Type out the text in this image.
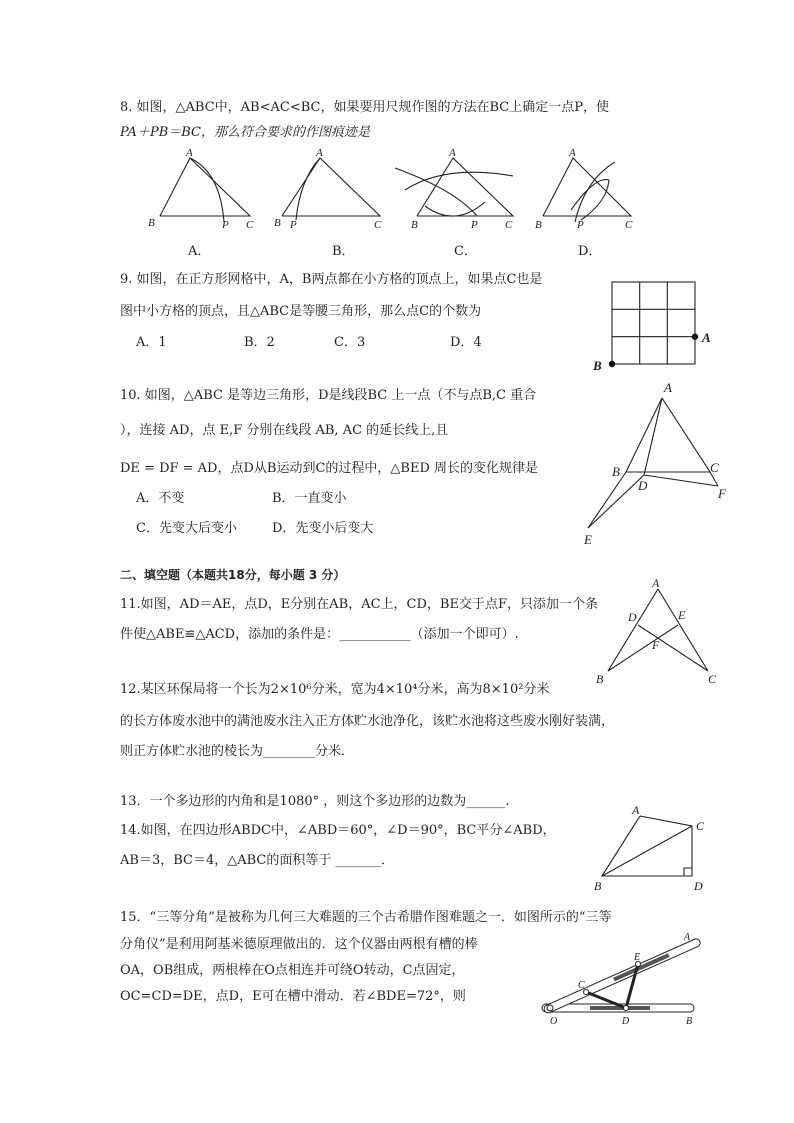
8. 如图，△ABC中，AB<AC<BC，如果要用尺规作图的方法在BC上确定一点P，使
PA＋PB＝BC，那么符合要求的作图痕迹是
A
B	P C
A．
A
B P	C
B．
A
B	P C
C．
A
B	P	C
D．
9. 如图，在正方形网格中，A，B两点都在小方格的顶点上，如果点C也是
图中小方格的顶点，且△ABC是等腰三角形，那么点C的个数为
A．1	B．2	C．3	D．4	A
B
10. 如图，△ABC 是等边三角形，D是线段BC 上一点（不与点B,C 重合
），连接 AD，点 E,F 分别在线段 AB, AC 的延长线上,且
DE = DF = AD，点D从B运动到C的过程中，△BED 周长的变化规律是
A．不变	B．一直变小
C．先变大后变小	D．先变小后变大
A
B	C
D
E
F
二、填空题（本题共18分，每小题 3 分）
11.如图，AD＝AE，点D，E分别在AB，AC上，CD，BE交于点F，只添加一个条
件使△ABE≌△ACD，添加的条件是：___________（添加一个即可）.
A
D	E
F
B	C
12.某区环保局将一个长为2×10⁶分米，宽为4×10⁴分米，高为8×10²分米
的长方体废水池中的满池废水注入正方体贮水池净化，该贮水池将这些废水刚好装满，
则正方体贮水池的棱长为________分米．
13．一个多边形的内角和是1080° ，则这个多边形的边数为______.
14.如图，在四边形ABDC中，∠ABD＝60°，∠D＝90°，BC平分∠ABD，
AB＝3，BC＝4，△ABC的面积等于 _______．
A
C
B	D
15．“三等分角”是被称为几何三大难题的三个古希腊作图难题之一．如图所示的“三等
分角仪”是利用阿基米德原理做出的．这个仪器由两根有槽的棒
OA，OB组成，两根棒在O点相连并可绕O转动，C点固定，
OC=CD=DE，点D，E可在槽中滑动．若∠BDE=72°，则
A
E
C
O	D	B
